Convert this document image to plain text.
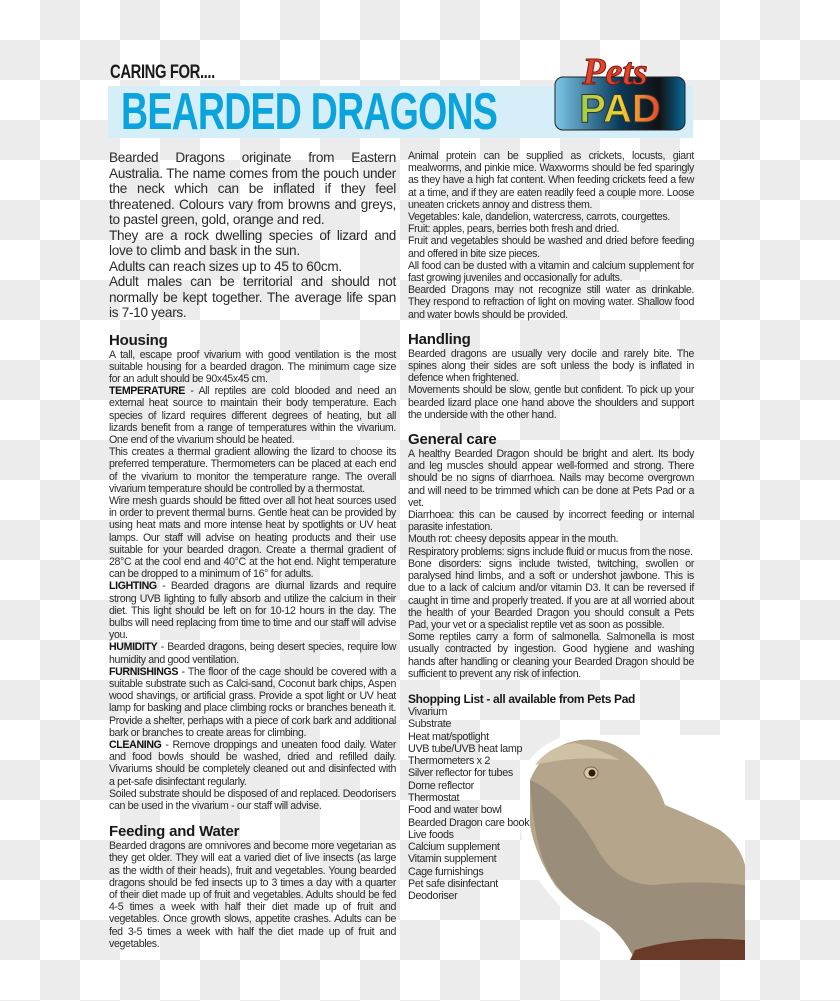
CARING FOR....
BEARDED DRAGONS PAD
Pets

Bearded Dragons originate from Eastern Australia. The name comes from the pouch under the neck which can be inflated if they feel threatened. Colours vary from browns and greys, to pastel green, gold, orange and red.

They are a rock dwelling species of lizard and love to climb and bask in the sun.

Adults can reach sizes up to 45 to 60cm.

Adult males can be territorial and should not normally be kept together. The average life span is 7-10 years.

Housing

A tall, escape proof vivarium with good ventilation is the most suitable housing for a bearded dragon. The minimum cage size for an adult should be 90x45x45 cm.

TEMPERATURE - All reptiles are cold blooded and need an external heat source to maintain their body temperature. Each species of lizard requires different degrees of heating, but all lizards benefit from a range of temperatures within the vivarium. One end of the vivarium should be heated.

This creates a thermal gradient allowing the lizard to choose its preferred temperature. Thermometers can be placed at each end of the vivarium to monitor the temperature range. The overall vivarium temperature should be controlled by a thermostat.

Wire mesh guards should be fitted over all hot heat sources used in order to prevent thermal burns. Gentle heat can be provided by using heat mats and more intense heat by spotlights or UV heat lamps. Our staff will advise on heating products and their use suitable for your bearded dragon. Create a thermal gradient of 28°C at the cool end and 40°C at the hot end. Night temperature can be dropped to a minimum of 16° for adults.

LIGHTING - Bearded dragons are diurnal lizards and require strong UVB lighting to fully absorb and utilize the calcium in their diet. This light should be left on for 10-12 hours in the day. The bulbs will need replacing from time to time and our staff will advise you.

HUMIDITY - Bearded dragons, being desert species, require low humidity and good ventilation.

FURNISHINGS - The floor of the cage should be covered with a suitable substrate such as Calci-sand, Coconut bark chips, Aspen wood shavings, or artificial grass. Provide a spot light or UV heat lamp for basking and place climbing rocks or branches beneath it. Provide a shelter, perhaps with a piece of cork bark and additional bark or branches to create areas for climbing.

CLEANING - Remove droppings and uneaten food daily. Water and food bowls should be washed, dried and refilled daily. Vivariums should be completely cleaned out and disinfected with a pet-safe disinfectant regularly.

Soiled substrate should be disposed of and replaced. Deodorisers can be used in the vivarium - our staff will advise.

Feeding and Water

Bearded dragons are omnivores and become more vegetarian as they get older. They will eat a varied diet of live insects (as large as the width of their heads), fruit and vegetables. Young bearded dragons should be fed insects up to 3 times a day with a quarter of their diet made up of fruit and vegetables. Adults should be fed 4-5 times a week with half their diet made up of fruit and vegetables. Once growth slows, appetite crashes. Adults can be fed 3-5 times a week with half the diet made up of fruit and vegetables.

Animal protein can be supplied as crickets, locusts, giant mealworms, and pinkie mice. Waxworms should be fed sparingly as they have a high fat content. When feeding crickets feed a few at a time, and if they are eaten readily feed a couple more. Loose uneaten crickets annoy and distress them.

Vegetables: kale, dandelion, watercress, carrots, courgettes.

Fruit: apples, pears, berries both fresh and dried.

Fruit and vegetables should be washed and dried before feeding and offered in bite size pieces.

All food can be dusted with a vitamin and calcium supplement for fast growing juveniles and occasionally for adults.

Bearded Dragons may not recognize still water as drinkable. They respond to refraction of light on moving water. Shallow food and water bowls should be provided.

Handling

Bearded dragons are usually very docile and rarely bite. The spines along their sides are soft unless the body is inflated in defence when frightened.

Movements should be slow, gentle but confident. To pick up your bearded lizard place one hand above the shoulders and support the underside with the other hand.

General care

A healthy Bearded Dragon should be bright and alert. Its body and leg muscles should appear well-formed and strong. There should be no signs of diarrhoea. Nails may become overgrown and will need to be trimmed which can be done at Pets Pad or a vet.

Diarrhoea: this can be caused by incorrect feeding or internal parasite infestation.

Mouth rot: cheesy deposits appear in the mouth.

Respiratory problems: signs include fluid or mucus from the nose.

Bone disorders: signs include twisted, twitching, swollen or paralysed hind limbs, and a soft or undershot jawbone. This is due to a lack of calcium and/or vitamin D3. It can be reversed if caught in time and properly treated. If you are at all worried about the health of your Bearded Dragon you should consult a Pets Pad, your vet or a specialist reptile vet as soon as possible.

Some reptiles carry a form of salmonella. Salmonella is most usually contracted by ingestion. Good hygiene and washing hands after handling or cleaning your Bearded Dragon should be sufficient to prevent any risk of infection.

Shopping List - all available from Pets Pad
Vivarium
Substrate
Heat mat/spotlight
UVB tube/UVB heat lamp
Thermometers x 2
Silver reflector for tubes
Dome reflector
Thermostat
Food and water bowl
Bearded Dragon care book
Live foods
Calcium supplement
Vitamin supplement
Cage furnishings
Pet safe disinfectant
Deodoriser
